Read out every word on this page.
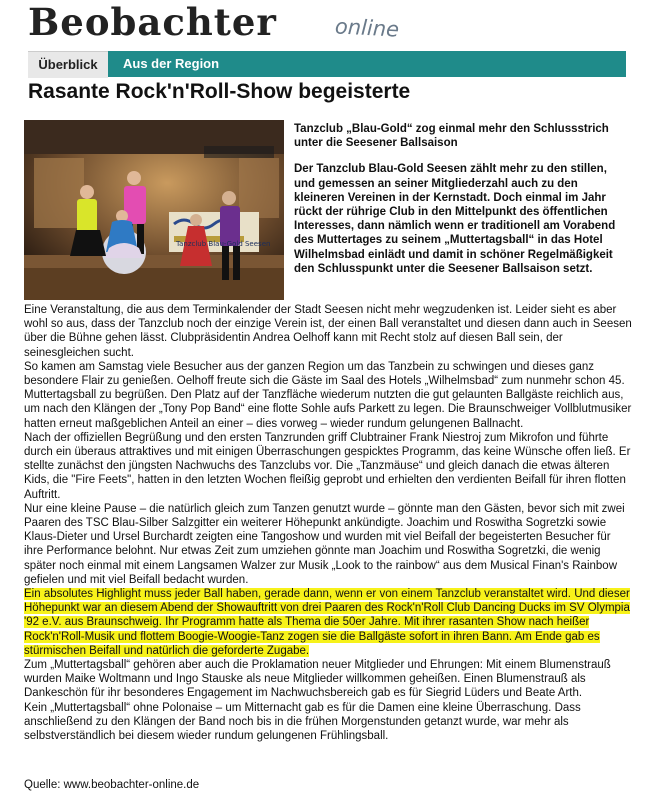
Beobachter	online
Überblick	Aus der Region
Rasante Rock'n'Roll-Show begeisterte
Tanzclub Blau-Gold Seesen

Tanzclub „Blau-Gold“ zog einmal mehr den Schlussstrich unter die Seesener Ballsaison

Der Tanzclub Blau-Gold Seesen zählt mehr zu den stillen, und gemessen an seiner Mitgliederzahl auch zu den kleineren Vereinen in der Kernstadt. Doch einmal im Jahr rückt der rührige Club in den Mittelpunkt des öffentlichen Interesses, dann nämlich wenn er traditionell am Vorabend des Muttertages zu seinem „Muttertagsball“ in das Hotel Wilhelmsbad einlädt und damit in schöner Regelmäßigkeit den Schlusspunkt unter die Seesener Ballsaison setzt.

Eine Veranstaltung, die aus dem Terminkalender der Stadt Seesen nicht mehr wegzudenken ist. Leider sieht es aber wohl so aus, dass der Tanzclub noch der einzige Verein ist, der einen Ball veranstaltet und diesen dann auch in Seesen über die Bühne gehen lässt. Clubpräsidentin Andrea Oelhoff kann mit Recht stolz auf diesen Ball sein, der seinesgleichen sucht.

So kamen am Samstag viele Besucher aus der ganzen Region um das Tanzbein zu schwingen und dieses ganz besondere Flair zu genießen. Oelhoff freute sich die Gäste im Saal des Hotels „Wilhelmsbad“ zum nunmehr schon 45. Muttertagsball zu begrüßen. Den Platz auf der Tanzfläche wiederum nutzten die gut gelaunten Ballgäste reichlich aus, um nach den Klängen der „Tony Pop Band“ eine flotte Sohle aufs Parkett zu legen. Die Braunschweiger Vollblutmusiker hatten erneut maßgeblichen Anteil an einer – dies vorweg – wieder rundum gelungenen Ballnacht.

Nach der offiziellen Begrüßung und den ersten Tanzrunden griff Clubtrainer Frank Niestroj zum Mikrofon und führte durch ein überaus attraktives und mit einigen Überraschungen gespicktes Programm, das keine Wünsche offen ließ. Er stellte zunächst den jüngsten Nachwuchs des Tanzclubs vor. Die „Tanzmäuse“ und gleich danach die etwas älteren Kids, die "Fire Feets", hatten in den letzten Wochen fleißig geprobt und erhielten den verdienten Beifall für ihren flotten Auftritt.

Nur eine kleine Pause – die natürlich gleich zum Tanzen genutzt wurde – gönnte man den Gästen, bevor sich mit zwei Paaren des TSC Blau-Silber Salzgitter ein weiterer Höhepunkt ankündigte. Joachim und Roswitha Sogretzki sowie Klaus-Dieter und Ursel Burchardt zeigten eine Tangoshow und wurden mit viel Beifall der begeisterten Besucher für ihre Performance belohnt. Nur etwas Zeit zum umziehen gönnte man Joachim und Roswitha Sogretzki, die wenig später noch einmal mit einem Langsamen Walzer zur Musik „Look to the rainbow“ aus dem Musical Finan's Rainbow gefielen und mit viel Beifall bedacht wurden.

Ein absolutes Highlight muss jeder Ball haben, gerade dann, wenn er von einem Tanzclub veranstaltet wird. Und dieser Höhepunkt war an diesem Abend der Showauftritt von drei Paaren des Rock'n'Roll Club Dancing Ducks im SV Olympia '92 e.V. aus Braunschweig. Ihr Programm hatte als Thema die 50er Jahre. Mit ihrer rasanten Show nach heißer Rock'n'Roll-Musik und flottem Boogie-Woogie-Tanz zogen sie die Ballgäste sofort in ihren Bann. Am Ende gab es stürmischen Beifall und natürlich die geforderte Zugabe.

Zum „Muttertagsball“ gehören aber auch die Proklamation neuer Mitglieder und Ehrungen: Mit einem Blumenstrauß wurden Maike Woltmann und Ingo Stauske als neue Mitglieder willkommen geheißen. Einen Blumenstrauß als Dankeschön für ihr besonderes Engagement im Nachwuchsbereich gab es für Siegrid Lüders und Beate Arth.

Kein „Muttertagsball“ ohne Polonaise – um Mitternacht gab es für die Damen eine kleine Überraschung. Dass anschließend zu den Klängen der Band noch bis in die frühen Morgenstunden getanzt wurde, war mehr als selbstverständlich bei diesem wieder rundum gelungenen Frühlingsball.

Quelle: www.beobachter-online.de
